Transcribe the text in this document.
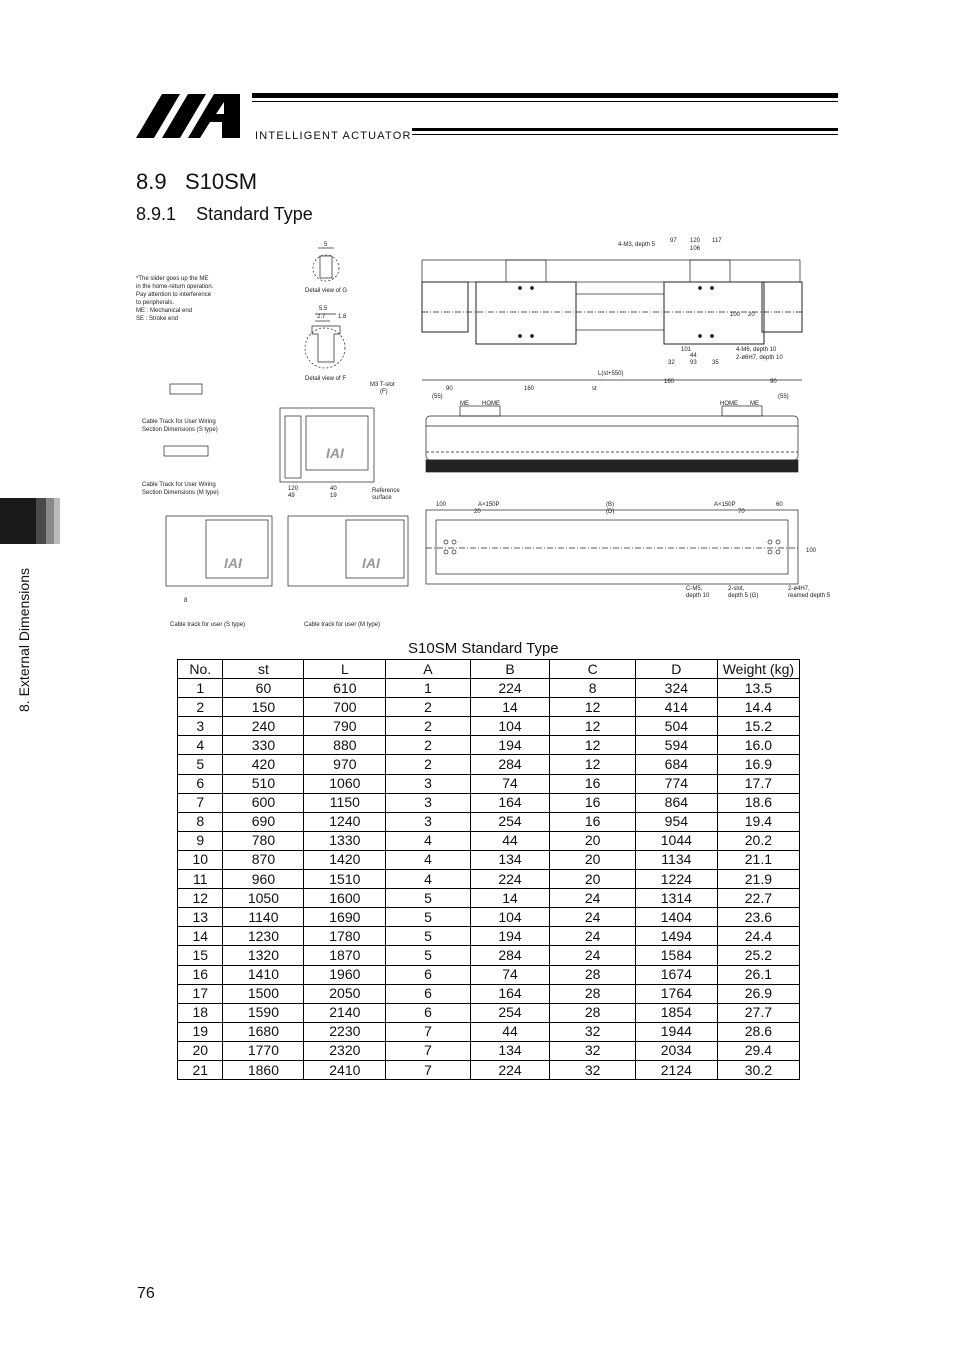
INTELLIGENT ACTUATOR
8.9 S10SM
8.9.1 Standard Type
8. External Dimensions
*The slider goes up the ME
in the home-return operation.
Pay attention to interference
to peripherals.
ME : Mechanical end
SE : Stroke end
5
Detail view of G
5.5
2.7 1.8
Detail view of F
4-M3, depth 5
97 120 117
106
101
44
32	93	35
4-M6, depth 10
2-ø6H7, depth 10
100 20
L(st+550)
90	160
160	90
st
(55)	(55)
ME HOME	HOME ME
100	A×150P
20
(B)
(D)
A×150P
70
60
C-M5,
depth 10
2-slot,
depth 5 (G)
2-ø4H7,
reamed depth 5
100
IAI
M3 T-slot
(F)
Reference
surface
120	40
49	19
Cable Track for User Wiring
Section Dimensions (S type)
Cable Track for User Wiring
Section Dimensions (M type)
IAI
8
Cable track for user (S type)
IAI
Cable track for user (M type)
S10SM Standard Type
No.	st	L	A	B	C	D	Weight (kg)
1	60	610	1	224	8	324	13.5
2	150	700	2	14	12	414	14.4
3	240	790	2	104	12	504	15.2
4	330	880	2	194	12	594	16.0
5	420	970	2	284	12	684	16.9
6	510	1060	3	74	16	774	17.7
7	600	1150	3	164	16	864	18.6
8	690	1240	3	254	16	954	19.4
9	780	1330	4	44	20	1044	20.2
10	870	1420	4	134	20	1134	21.1
11	960	1510	4	224	20	1224	21.9
12	1050	1600	5	14	24	1314	22.7
13	1140	1690	5	104	24	1404	23.6
14	1230	1780	5	194	24	1494	24.4
15	1320	1870	5	284	24	1584	25.2
16	1410	1960	6	74	28	1674	26.1
17	1500	2050	6	164	28	1764	26.9
18	1590	2140	6	254	28	1854	27.7
19	1680	2230	7	44	32	1944	28.6
20	1770	2320	7	134	32	2034	29.4
21	1860	2410	7	224	32	2124	30.2
76
